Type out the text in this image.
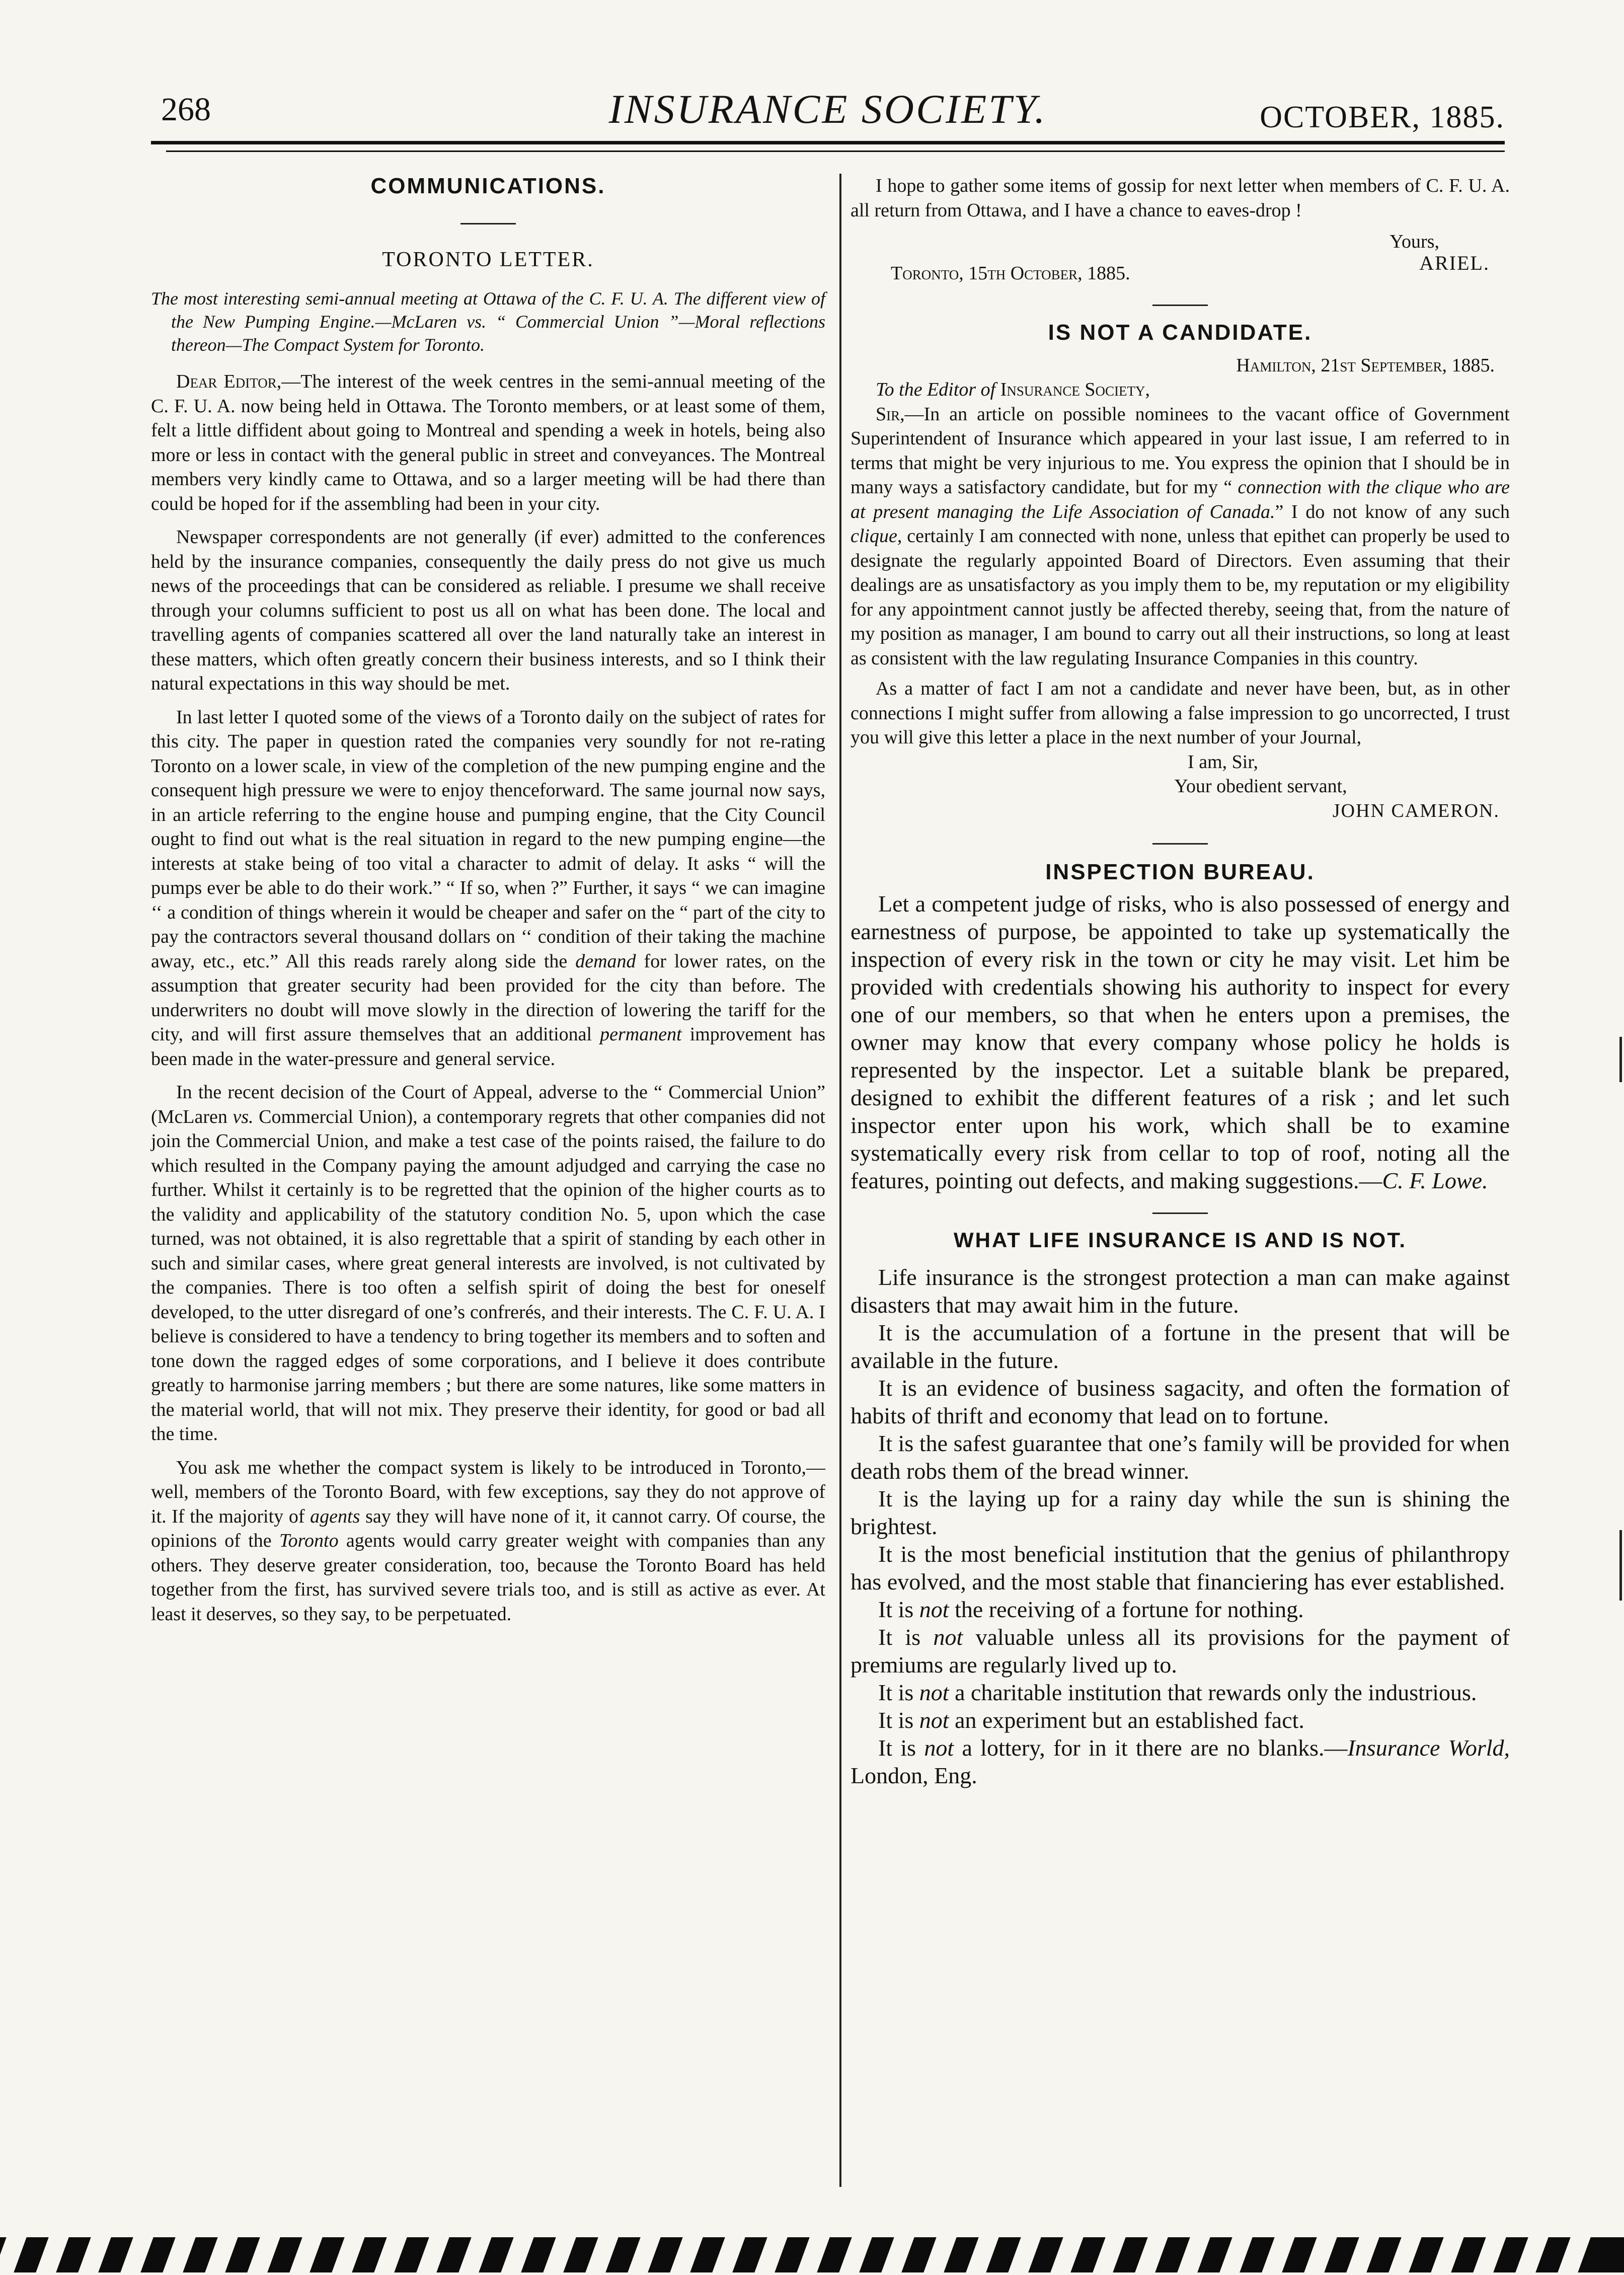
268	INSURANCE SOCIETY.	OCTOBER, 1885.
COMMUNICATIONS.
TORONTO LETTER.

The most interesting semi-annual meeting at Ottawa of the C. F. U. A. The different view of the New Pumping Engine.—McLaren vs. “ Commercial Union ”—Moral reflections thereon—The Compact System for Toronto.

Dear Editor,—The interest of the week centres in the semi-annual meeting of the C. F. U. A. now being held in Ottawa. The Toronto members, or at least some of them, felt a little diffident about going to Montreal and spending a week in hotels, being also more or less in contact with the general public in street and conveyances. The Montreal members very kindly came to Ottawa, and so a larger meeting will be had there than could be hoped for if the assembling had been in your city.

Newspaper correspondents are not generally (if ever) admitted to the conferences held by the insurance companies, consequently the daily press do not give us much news of the proceedings that can be considered as reliable. I presume we shall receive through your columns sufficient to post us all on what has been done. The local and travelling agents of companies scattered all over the land naturally take an interest in these matters, which often greatly concern their business interests, and so I think their natural expectations in this way should be met.

In last letter I quoted some of the views of a Toronto daily on the subject of rates for this city. The paper in question rated the companies very soundly for not re-rating Toronto on a lower scale, in view of the completion of the new pumping engine and the consequent high pressure we were to enjoy thenceforward. The same journal now says, in an article referring to the engine house and pumping engine, that the City Council ought to find out what is the real situation in regard to the new pumping engine—the interests at stake being of too vital a character to admit of delay. It asks “ will the pumps ever be able to do their work.” “ If so, when ?” Further, it says “ we can imagine ‘‘ a condition of things wherein it would be cheaper and safer on the “ part of the city to pay the contractors several thousand dollars on ‘‘ condition of their taking the machine away, etc., etc.” All this reads rarely along side the demand for lower rates, on the assumption that greater security had been provided for the city than before. The underwriters no doubt will move slowly in the direction of lowering the tariff for the city, and will first assure themselves that an additional permanent improvement has been made in the water-pressure and general service.

In the recent decision of the Court of Appeal, adverse to the “ Commercial Union” (McLaren vs. Commercial Union), a contemporary regrets that other companies did not join the Commercial Union, and make a test case of the points raised, the failure to do which resulted in the Company paying the amount adjudged and carrying the case no further. Whilst it certainly is to be regretted that the opinion of the higher courts as to the validity and applicability of the statutory condition No. 5, upon which the case turned, was not obtained, it is also regrettable that a spirit of standing by each other in such and similar cases, where great general interests are involved, is not cultivated by the companies. There is too often a selfish spirit of doing the best for oneself developed, to the utter disregard of one’s confrerés, and their interests. The C. F. U. A. I believe is considered to have a tendency to bring together its members and to soften and tone down the ragged edges of some corporations, and I believe it does contribute greatly to harmonise jarring members ; but there are some natures, like some matters in the material world, that will not mix. They preserve their identity, for good or bad all the time.

You ask me whether the compact system is likely to be introduced in Toronto,—well, members of the Toronto Board, with few exceptions, say they do not approve of it. If the majority of agents say they will have none of it, it cannot carry. Of course, the opinions of the Toronto agents would carry greater weight with companies than any others. They deserve greater consideration, too, because the Toronto Board has held together from the first, has survived severe trials too, and is still as active as ever. At least it deserves, so they say, to be perpetuated.

I hope to gather some items of gossip for next letter when members of C. F. U. A. all return from Ottawa, and I have a chance to eaves-drop !

Yours,

Toronto, 15th October, 1885.	ARIEL.
IS NOT A CANDIDATE.

Hamilton, 21st September, 1885.

To the Editor of Insurance Society,

Sir,—In an article on possible nominees to the vacant office of Government Superintendent of Insurance which appeared in your last issue, I am referred to in terms that might be very injurious to me. You express the opinion that I should be in many ways a satisfactory candidate, but for my “ connection with the clique who are at present managing the Life Association of Canada.” I do not know of any such clique, certainly I am connected with none, unless that epithet can properly be used to designate the regularly appointed Board of Directors. Even assuming that their dealings are as unsatisfactory as you imply them to be, my reputation or my eligibility for any appointment cannot justly be affected thereby, seeing that, from the nature of my position as manager, I am bound to carry out all their instructions, so long at least as consistent with the law regulating Insurance Companies in this country.

As a matter of fact I am not a candidate and never have been, but, as in other connections I might suffer from allowing a false impression to go uncorrected, I trust you will give this letter a place in the next number of your Journal,

I am, Sir,

Your obedient servant,

JOHN CAMERON.

INSPECTION BUREAU.

Let a competent judge of risks, who is also possessed of energy and earnestness of purpose, be appointed to take up systematically the inspection of every risk in the town or city he may visit. Let him be provided with credentials showing his authority to inspect for every one of our members, so that when he enters upon a premises, the owner may know that every company whose policy he holds is represented by the inspector. Let a suitable blank be prepared, designed to exhibit the different features of a risk ; and let such inspector enter upon his work, which shall be to examine systematically every risk from cellar to top of roof, noting all the features, pointing out defects, and making suggestions.—C. F. Lowe.

WHAT LIFE INSURANCE IS AND IS NOT.

Life insurance is the strongest protection a man can make against disasters that may await him in the future.

It is the accumulation of a fortune in the present that will be available in the future.

It is an evidence of business sagacity, and often the formation of habits of thrift and economy that lead on to fortune.

It is the safest guarantee that one’s family will be provided for when death robs them of the bread winner.

It is the laying up for a rainy day while the sun is shining the brightest.

It is the most beneficial institution that the genius of philanthropy has evolved, and the most stable that financiering has ever established.

It is not the receiving of a fortune for nothing.

It is not valuable unless all its provisions for the payment of premiums are regularly lived up to.

It is not a charitable institution that rewards only the industrious.

It is not an experiment but an established fact.

It is not a lottery, for in it there are no blanks.—Insurance World, London, Eng.
